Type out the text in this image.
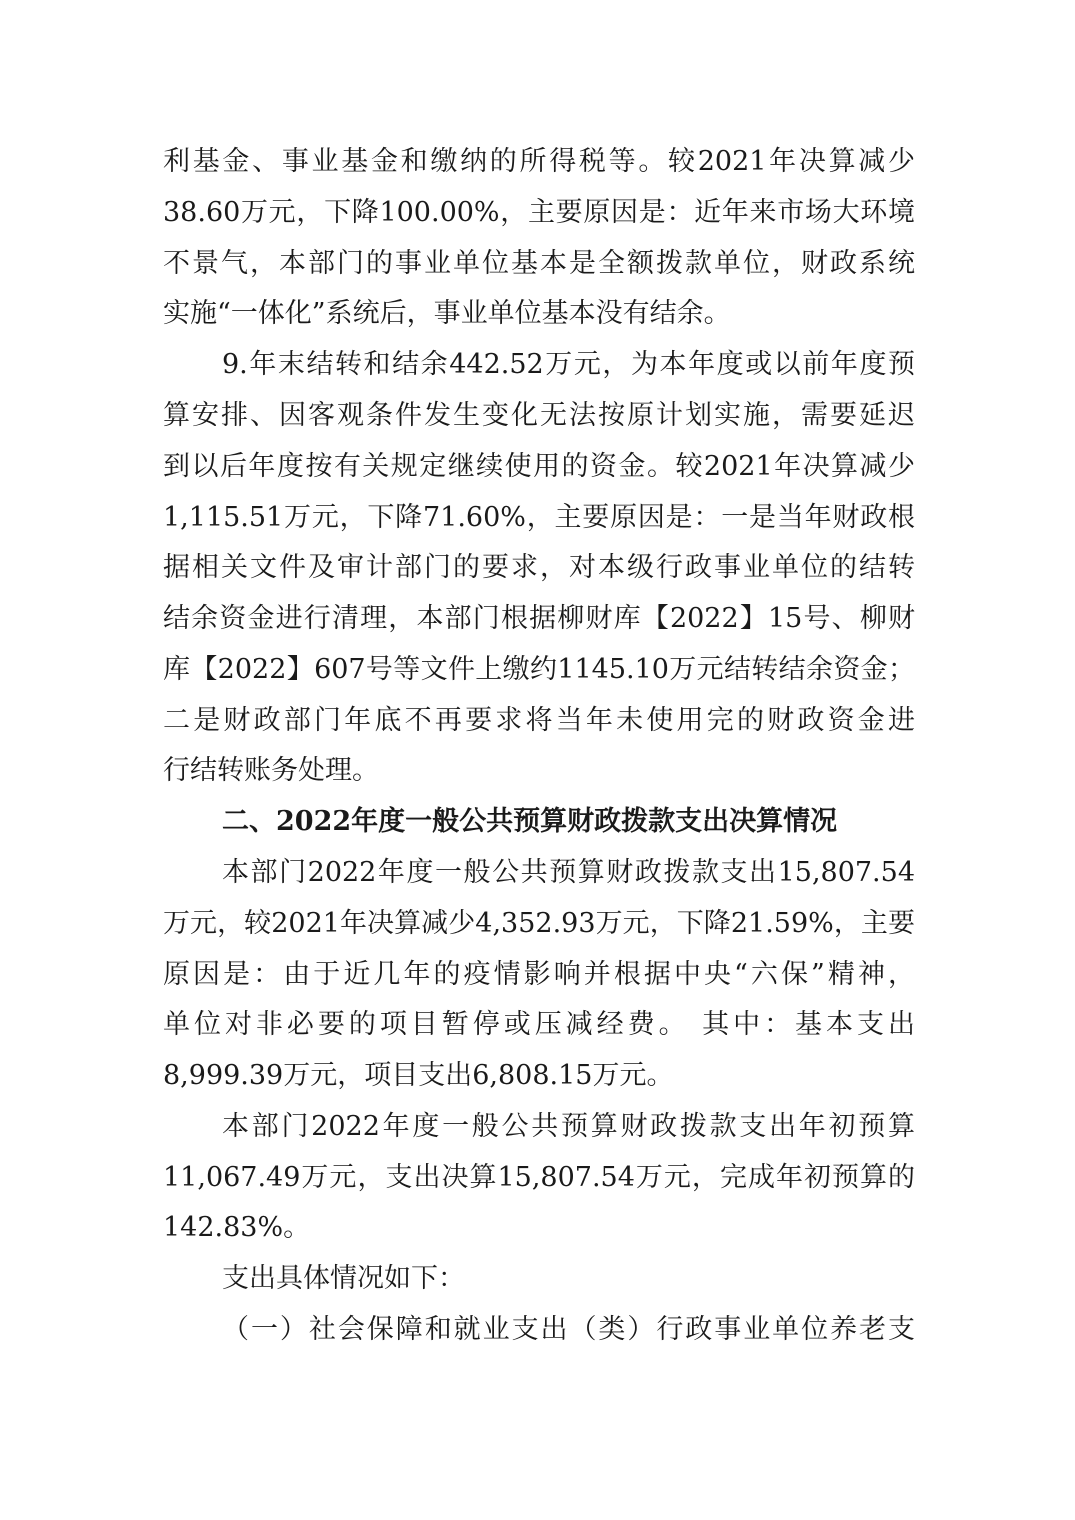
利基金、事业基金和缴纳的所得税等。较2021年决算减少
38.60万元，下降100.00%，主要原因是：近年来市场大环境
不景气，本部门的事业单位基本是全额拨款单位，财政系统
实施“一体化”系统后，事业单位基本没有结余。
9.年末结转和结余442.52万元，为本年度或以前年度预
算安排、因客观条件发生变化无法按原计划实施，需要延迟
到以后年度按有关规定继续使用的资金。较2021年决算减少
1,115.51万元，下降71.60%，主要原因是：一是当年财政根
据相关文件及审计部门的要求，对本级行政事业单位的结转
结余资金进行清理，本部门根据柳财库【2022】15号、柳财
库【2022】607号等文件上缴约1145.10万元结转结余资金；
二是财政部门年底不再要求将当年未使用完的财政资金进
行结转账务处理。
二、2022年度一般公共预算财政拨款支出决算情况
本部门2022年度一般公共预算财政拨款支出15,807.54
万元，较2021年决算减少4,352.93万元，下降21.59%，主要
原因是：由于近几年的疫情影响并根据中央“六保”精神，
单位对非必要的项目暂停或压减经费。 其中：基本支出
8,999.39万元，项目支出6,808.15万元。
本部门2022年度一般公共预算财政拨款支出年初预算
11,067.49万元，支出决算15,807.54万元，完成年初预算的
142.83%。
支出具体情况如下：
（一）社会保障和就业支出（类）行政事业单位养老支
